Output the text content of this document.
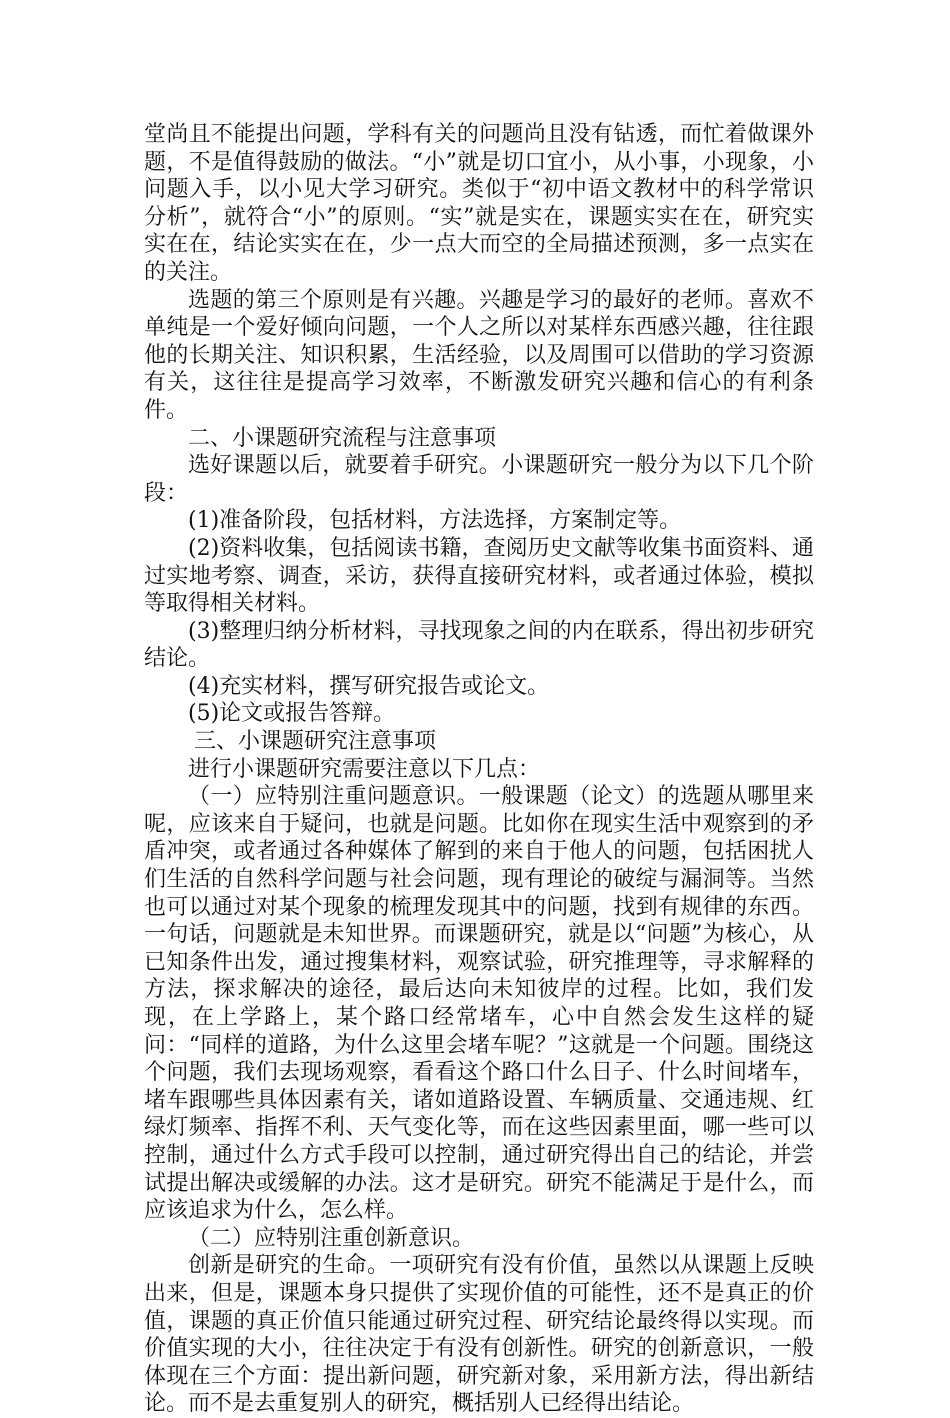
堂尚且不能提出问题，学科有关的问题尚且没有钻透，而忙着做课外题，不是值得鼓励的做法。“小”就是切口宜小，从小事，小现象，小问题入手，以小见大学习研究。类似于“初中语文教材中的科学常识分析”，就符合“小”的原则。“实”就是实在，课题实实在在，研究实实在在，结论实实在在，少一点大而空的全局描述预测，多一点实在的关注。

选题的第三个原则是有兴趣。兴趣是学习的最好的老师。喜欢不单纯是一个爱好倾向问题，一个人之所以对某样东西感兴趣，往往跟他的长期关注、知识积累，生活经验，以及周围可以借助的学习资源有关，这往往是提高学习效率，不断激发研究兴趣和信心的有利条件。

二、小课题研究流程与注意事项

选好课题以后，就要着手研究。小课题研究一般分为以下几个阶段：

(1)准备阶段，包括材料，方法选择，方案制定等。

(2)资料收集，包括阅读书籍，查阅历史文献等收集书面资料、通过实地考察、调查，采访，获得直接研究材料，或者通过体验，模拟等取得相关材料。

(3)整理归纳分析材料，寻找现象之间的内在联系，得出初步研究结论。

(4)充实材料，撰写研究报告或论文。

(5)论文或报告答辩。

三、小课题研究注意事项

进行小课题研究需要注意以下几点：

（一）应特别注重问题意识。一般课题（论文）的选题从哪里来呢，应该来自于疑问，也就是问题。比如你在现实生活中观察到的矛盾冲突，或者通过各种媒体了解到的来自于他人的问题，包括困扰人们生活的自然科学问题与社会问题，现有理论的破绽与漏洞等。当然也可以通过对某个现象的梳理发现其中的问题，找到有规律的东西。一句话，问题就是未知世界。而课题研究，就是以“问题”为核心，从已知条件出发，通过搜集材料，观察试验，研究推理等，寻求解释的方法，探求解决的途径，最后达向未知彼岸的过程。比如，我们发现，在上学路上，某个路口经常堵车，心中自然会发生这样的疑问：“同样的道路，为什么这里会堵车呢？”这就是一个问题。围绕这个问题，我们去现场观察，看看这个路口什么日子、什么时间堵车，堵车跟哪些具体因素有关，诸如道路设置、车辆质量、交通违规、红绿灯频率、指挥不利、天气变化等，而在这些因素里面，哪一些可以控制，通过什么方式手段可以控制，通过研究得出自己的结论，并尝试提出解决或缓解的办法。这才是研究。研究不能满足于是什么，而应该追求为什么，怎么样。

（二）应特别注重创新意识。

创新是研究的生命。一项研究有没有价值，虽然以从课题上反映出来，但是，课题本身只提供了实现价值的可能性，还不是真正的价值，课题的真正价值只能通过研究过程、研究结论最终得以实现。而价值实现的大小，往往决定于有没有创新性。研究的创新意识，一般体现在三个方面：提出新问题，研究新对象，采用新方法，得出新结论。而不是去重复别人的研究，概括别人已经得出结论。
